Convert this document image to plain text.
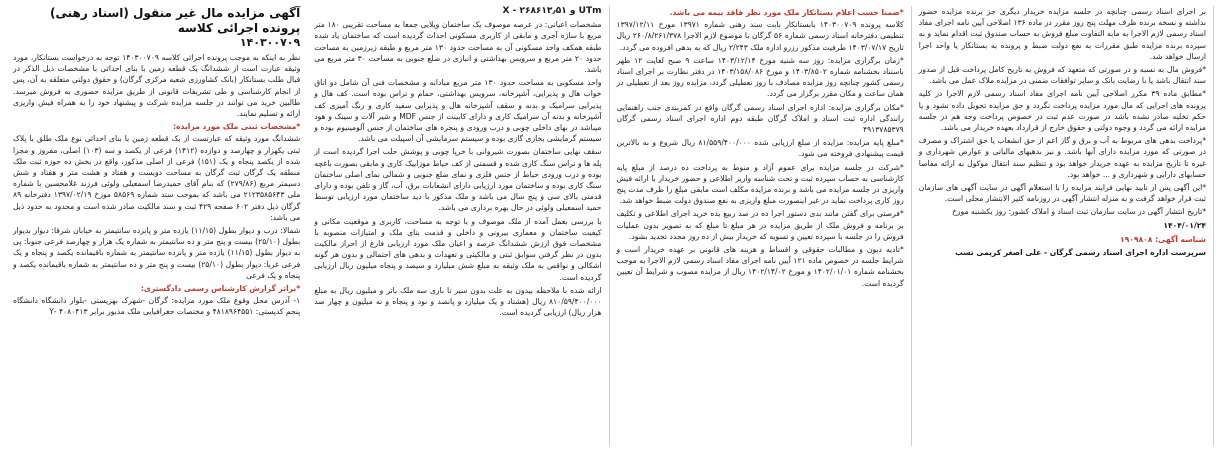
آگهی مزایده مال غیر منقول (اسناد رهنی) پرونده اجرائی کلاسه
۱۴۰۳۰۰۷۰۹

نظر به اینکه به موجب پرونده اجرائی کلاسه ۱۴۰۳۰۰۷۰۹ توجه به درخواست بستانکار، مورد وثیقه عبارت است از ششدانگ یک قطعه زمین با بنای احداثی با مشخصات ذیل الذکر در قبال طلب بستانکار (بانک کشاورزی شعبه مرکزی گرگان) و حقوق دولتی متعلقه به آن، پس از انجام کارشناسی و طی تشریفات قانونی از طریق مزایده حضوری به فروش میرسد. طالبین خرید می توانند در جلسه مزایده شرکت و پیشنهاد خود را به همراه فیش واریزی ارائه و تسلیم نمایند.

*مشخصات ثبتی ملک مورد مزایده:

ششدانگ مورد وثیقه که عبارتست از یک قطعه زمین با بنای احداثی نوع ملک طلق با پلاک ثبتی یکهزار و چهارصد و دوازده (۱۴۱۲) فرعی از یکصد و سه (۱۰۳) اصلی، مفروز و مجزا شده از یکصد پنجاه و یک (۱۵۱) فرعی از اصلی مذکور، واقع در بخش ده حوزه ثبت ملک منطقه یک گرگان ثبت گرگان به مساحت دویست و هفتاد و هشت متر و هفتاد و شش دسیمتر مربع (۲۷۹/۸۶) که بنام آقای حمیدرضا اسمعیلی ولوئی فرزند غلامحسین با شماره ملی ۲۱۲۳۵۸۵۶۴۳ می باشد که بموجب سند شماره ۵۸۵۶۹ مورخ ۱۳۹۷/۰۲/۱۹ دفترخانه ۸۹ گرگان ذیل دفتر ۶۰۲ صفحه ۴۲۹ ثبت و سند مالکیت صادر شده است و محدود به حدود ذیل می باشد:

شمالا: درب و دیوار بطول (۱۱/۱۵) یازده متر و پانزده سانتیمتر به خیابان شرقا: دیوار بدیوار بطول (۲۵/۱۰) بیست و پنج متر و ده سانتیمتر به شماره یک هزار و چهارصد فرعی جنوبا: پی به دیوار بطول (۱۱/۱۵) یازده متر و پانزده سانتیمتر به شماره باقیمانده یکصد و پنجاه و یک فرعی غربا: دیوار بطول (۲۵/۱۰) بیست و پنج متر و ده سانتیمتر به شماره باقیمانده یکصد و پنجاه و یک فرعی

*براثر گزارش کارشناس رسمی دادگستری:

۱- آدرس محل وقوع ملک مورد مزایده: گرگان -شهرک بهزیستی -بلوار دانشگاه دانشگاه پنجم کدپستی: ۴۸۱۸۹۶۴۵۵۱ و مختصات جغرافیایی ملک مذبور برابر ۴۰۸۰۴۱۳ -Y

X - ۲۶۸۶۱۳٫۵۱ و UTm

مشخصات اعیانی: در عرصه موصوف یک ساختمان ویلایی جمعا به مساحت تقریبی ۱۸۰ متر مربع با سازه آجری و مابقی از کاربری مسکونی احداث گردیده است که ساختمان یاد شده طبقه همکف واحد مسکونی آن به مساحت حدود ۱۳۰ متر مربع و طبقه زیرزمین به مساحت حدود ۲۰ متر مربع و سرویس بهداشتی و انباری در ضلع جنوبی به مساحت ۳۰ متر مربع می باشد.

واحد مسکونی به مساحت حدود ۱۳۰ متر مربع مبادانه و مشخصات فنی آن شامل دو اتاق خواب هال و پذیرایی، آشپزخانه، سرویس بهداشتی، حمام و تراس بوده است. کف هال و پذیرایی سرامیک و بدنه و سقف آشپزخانه هال و پذیرایی سفید کاری و رنگ آمیزی کف آشپزخانه و بدنه آن سرامیک کاری و دارای کابینت از جنس MDF و شیر آلات و سینک و هود میباشد در بهای داخلی چوبی و درب ورودی و پنجره های ساختمان از جنس آلومینیوم بوده و سیستم گرمایشی بخاری گازی بوده و سیستم سرمایشی آن اسپیلت می باشد.

سقف نهایی ساختمان بصورت شیروانی با خرپا چوبی و پوشش حلب اجرا گردیده است از پله ها و تراس سنگ کاری شده و قسمتی از کف حیاط موزاییک کاری و مابقی بصورت باغچه بوده و درب ورودی حیاط از جنس فلزی و نمای ضلع جنوبی و شمالی نمای اصلی ساختمان سنگ کاری بوده و ساختمان مورد ارزیابی دارای انشعابات برق، آب، گاز و تلفن بوده و دارای قدمتی بالای سی و پنج سال می باشد و ملک مذکور با دید ساختمان مورد ارزیابی توسط حمید اسمعیلی ولوئی در حال بهره برداری می باشد.

با بررسی بعمل آمده از ملک موصوف و با توجه به مساحت، کاربری و موقعیت مکانی و کیفیت ساختمان و معماری بیرونی و داخلی و قدمت بنای ملک و امتیازات منصوبه با مشخصات فوق ارزش ششدانگ عرصه و اعیان ملک مورد ارزیابی فارغ از احراز مالکیت بدون در نظر گرفتن سوابق ثبتی و مالکیتی و تعهدات و بدهی های احتمالی و بدون هر گونه اشکالی و نواقص به ملک وثیقه به مبلغ شش میلیارد و سیصد و پنجاه میلیون ریال ارزیابی گردیده است.

ارائه شده با ملاحظه بیدون به علت بدون سیر تا باری سه ملک باتر و میلیون ریال به مبلغ ۸۱۰/۵۹/۴۰۰/۰۰۰ ریال (هشتاد و یک میلیارد و پانصد و نود و پنجاه و نه میلیون و چهار صد هزار ریال) ارزیابی گردیده است.

*ضمنا حسب اعلام بستانکار ملک مورد نظر فاقد بیمه می باشد.

کلاسه پرونده ۱۴۰۳۰۰۷۰۹ بابستانکار بابت سند رهنی شماره ۱۳۹۷۱ مورخ ۱۳۹۷/۱۲/۱۱ تنظیمی دفترخانه اسناد رسمی شماره ۵۶ گرگان با موضوع لازم الاجرا ۲۶۰/۸/۲۶۱/۳۷۸ ریال تاریخ ۱۴۰۳/۰۷/۱۷ طرفیت مذکور رزرو اداره ملک ۲/۲۴۳ ریال که به بدهی افزوده می گردد.

*زمان برگزاری مزایده: روز سه شنبه مورخ ۱۴۰۳/۱۲/۱۴ ساعت ۹ صبح لغایت ۱۲ ظهر باستناد بخشنامه شماره ۱۴۰۳/۸۵۰۲ و مورخ ۱۴۰۳/۱۵۸/۰۸۶ در دفتر نظارت بر اجرای اسناد رسمی کشور چنانچه روز مزایده مصادف با روز تعطیلی گردد، مزایده روز بعد از تعطیلی در همان ساعت و مکان مقرر برگزار می گردد.

*مکان برگزاری مزایده: اداره اجرای اسناد رسمی گرگان واقع در کمربندی جنب راهنمایی رانندگی اداره ثبت اسناد و املاک گرگان طبقه دوم اداره اجرای اسناد رسمی گرگان ۴۹۱۳۷۸۵۳۷۹

*مبلغ پایه مزایده: مزایده از مبلغ ارزیابی شده ۸۱/۵۵۹/۴۰۰/۰۰۰ ریال شروع و به بالاترین قیمت پیشنهادی فروخته می شود.

*شرکت در جلسه مزایده برای عموم آزاد و منوط به پرداخت ده درصد از مبلغ پایه کارشناسی به حساب سپرده ثبت و تحت شناسه واریز اطلاعی و حضور خریدار با ارائه فیش واریزی در جلسه مزایده می باشد و برنده مزایده مکلف است مابقی مبلغ را ظرف مدت پنج روز کاری پرداخت نماید در غیر اینصورت مبلغ واریزی به نفع صندوق دولت ضبط خواهد شد.

*فرصتی برای گفتن مانند بدی دستور اجرا ده در صد ربیع بده خرید اجرای اطلاعی و تکلیف بر برنامه و فروش ملک از طریق مزایده در هر مبلغ تا مبلغ که به تصویر بدون عملیات فروش را در جلسه با سپرده تعیین و تسویه که خریدار بیش از ده روز مجدد تجدید بشود.

*تادیه دیون و مطالبات حقوقی و اقساط و هزینه های قانونی بر عهده خریدار است و شرایط جلسه در خصوص ماده ۱۲۱ آیین نامه اجرای مفاد اسناد رسمی لازم الاجرا به موجب بخشنامه شماره ۱۴۰۲/۰۱/۰۱ و مورخ ۱۴۰۲/۱۴/۰۲ ریال از مزایده مصوب و شرایط آن تعیین گردیده است.

بر اجرای اسناد رسمی چنانچه در جلسه مزایده خریدار دیگری جز برنده مزایده حضور نداشته و نسخه برنده ظرف مهلت پنج روز مقرر در ماده ۱۳۶ اصلاحی آیین نامه اجرای مفاد اسناد رسمی لازم الاجرا به مابه التفاوت مبلغ فروش به حساب صندوق ثبت اقدام نماید و به سپرده برنده مزایده طبق مقررات به نفع دولت ضبط و پرونده به بستانکار یا واحد اجرا ارسال خواهد شد.

*فروش مال به نسبه و در صورتی که متعهد که فروش به تاریخ کامل پرداخت قبل از صدور سند انتقال باشد یا با رضایت بانک و سایر توافقات ضمنی در مزایده ملاک عمل می باشد.

*مطابق ماده ۳۹ مکرر اصلاحی آیین نامه اجرای مفاد اسناد رسمی لازم الاجرا در کلیه پرونده های اجرایی که مال مورد مزایده پرداخت نگردد و حق مزایده تحویل داده نشود و یا حکم تخلیه صادر نشده باشد در صورت عدم ثبت در خصوص پرداخت وجه هم در جلسه مزایده ارائه می گردد و وجوه دولتی و حقوق خارج از قرارداد بعهده خریدار می باشد.

*پرداخت بدهی های مربوط به آب و برق و گاز اعم از حق انشعاب یا حق اشتراک و مصرف در صورتی که مورد مزایده دارای آنها باشد. و نیز بدهیهای مالیاتی و عوارض شهرداری و غیره تا تاریخ مزایده به عهده خریدار خواهد بود و تنظیم سند انتقال موکول به ارائه مفاصا حسابهای دارایی و شهرداری و ... خواهد بود.

*این آگهی پس از تایید نهایی فرایند مزایده را با استعلام آگهی در سایت آگهی های سازمان ثبت قرار خواهد گرفت و به منزله انتشار آگهی در روزنامه کثیر الانتشار محلی است.

*تاریخ انتشار آگهی در سایت سازمان ثبت اسناد و املاک کشور: روز یکشنبه مورخ

۱۴۰۴/۰۱/۲۴
شناسه آگهی: ۱۹۰۹۸۰۸
سرپرست اداره اجرای اسناد رسمی گرگان - علی اصغر کریمی تسب
